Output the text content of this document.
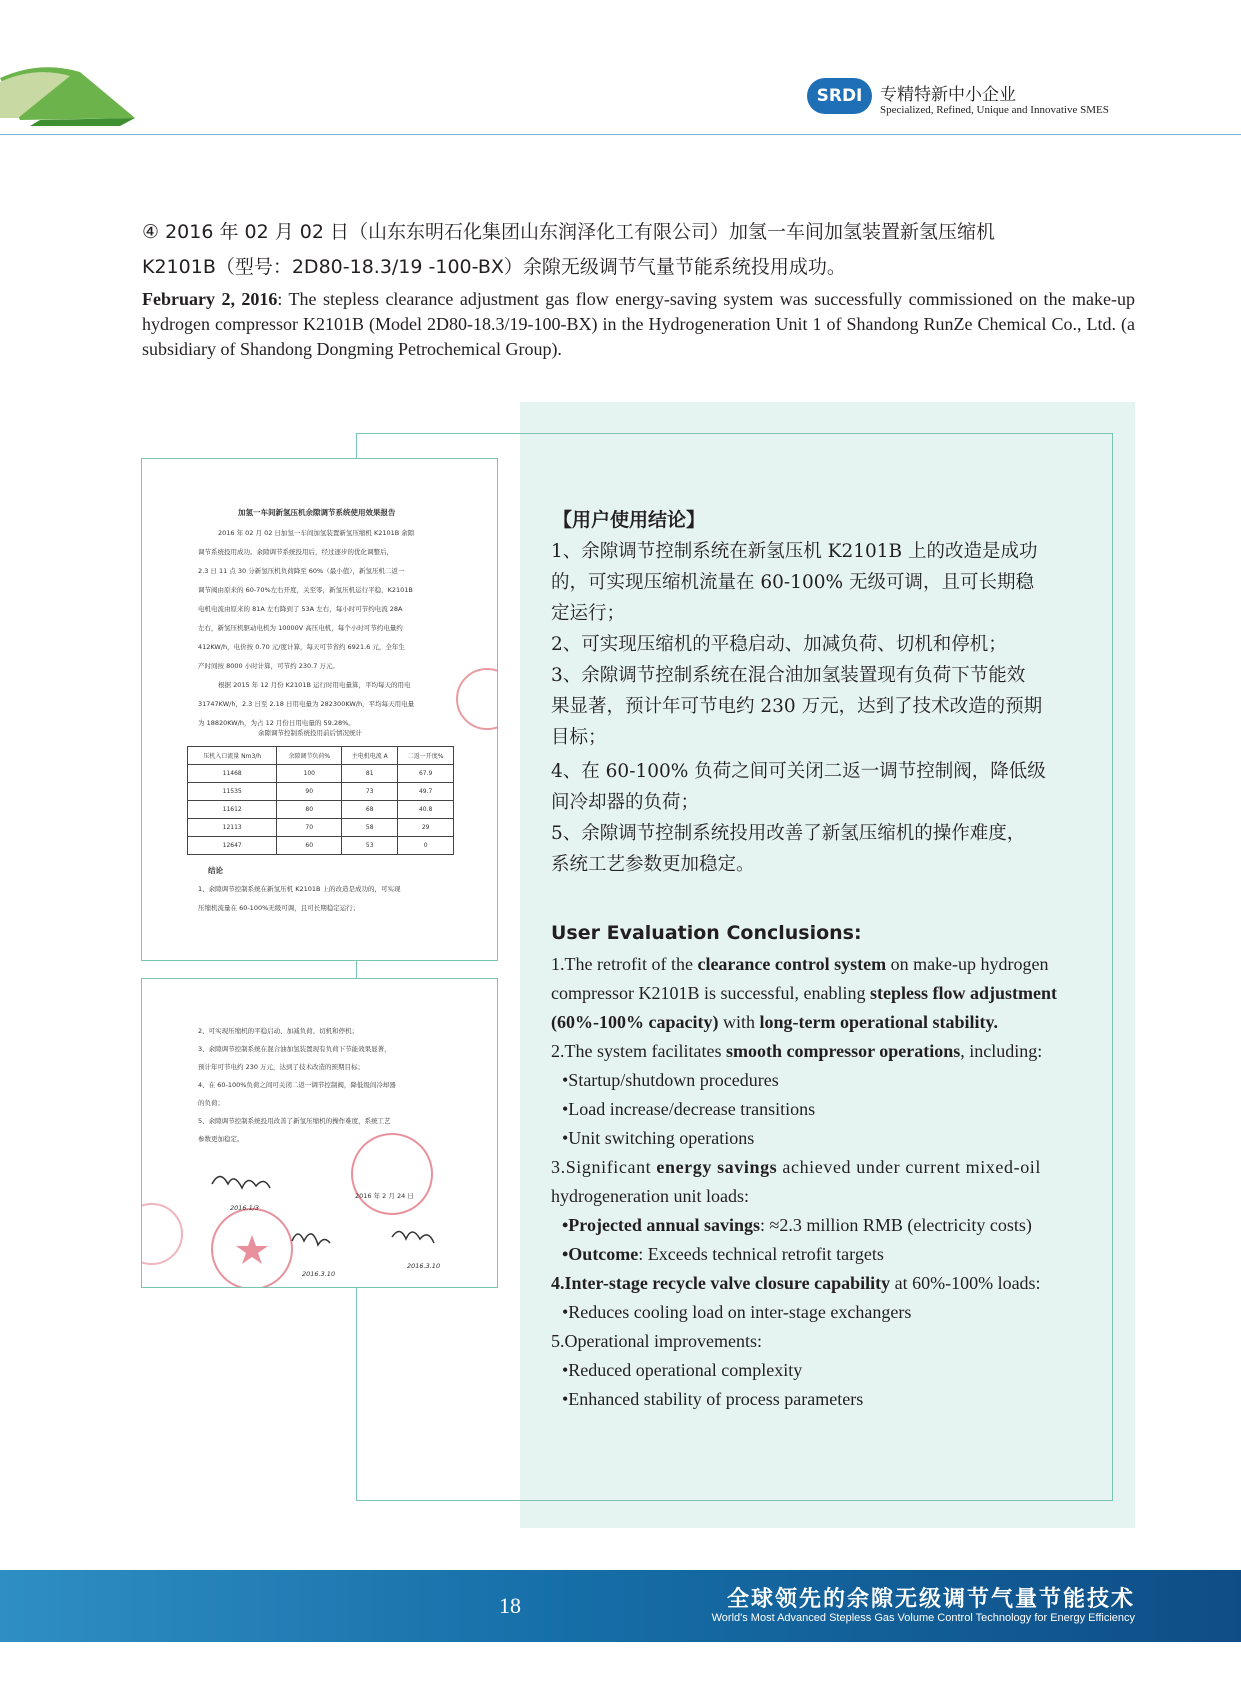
SRDI	专精特新中小企业
Specialized, Refined, Unique and Innovative SMES
④ 2016 年 02 月 02 日（山东东明石化集团山东润泽化工有限公司）加氢一车间加氢装置新氢压缩机
K2101B（型号：2D80-18.3/19 -100-BX）余隙无级调节气量节能系统投用成功。
February 2, 2016: The stepless clearance adjustment gas flow energy-saving system was successfully commissioned on the make-up hydrogen compressor K2101B (Model 2D80-18.3/19-100-BX) in the Hydrogeneration Unit 1 of Shandong RunZe Chemical Co., Ltd. (a subsidiary of Shandong Dongming Petrochemical Group).
加氢一车间新氢压机余隙调节系统使用效果报告
2016 年 02 月 02 日加氢一车间加氢装置新氢压缩机 K2101B 余隙
调节系统投用成功。余隙调节系统投用后，经过逐步的优化调整后，
2.3 日 11 点 30 分新氢压机负荷降至 60%（最小值），新氢压机二返一
调节阀由原来的 60-70%左右开度，关至零，新氢压机运行平稳，K2101B
电机电流由原来的 81A 左右降到了 53A 左右，每小时可节约电流 28A
左右，新氢压机驱动电机为 10000V 高压电机，每个小时可节约电量约
412KW/h，电价按 0.70 元/度计算，每天可节省约 6921.6 元，全年生
产时间按 8000 小时计算，可节约 230.7 万元。
根据 2015 年 12 月份 K2101B 运行时用电量算，平均每天的用电
31747KW/h，2.3 日至 2.18 日用电量为 282300KW/h，平均每天用电量
为 18820KW/h，为占 12 月份日用电量的 59.28%。
余隙调节控制系统投用前后情况统计
压机入口流量 Nm3/h	余隙调节负荷%	主电机电流 A	二返一开度%
11468	100	81	67.9
11535	90	73	49.7
11612	80	68	40.8
12113	70	58	29
12647	60	53	0
结论
1、余隙调节控制系统在新氢压机 K2101B 上的改造是成功的，可实现
压缩机流量在 60-100%无级可调，且可长期稳定运行；
2、可实现压缩机的平稳启动、加减负荷、切机和停机；
3、余隙调节控制系统在混合油加氢装置现有负荷下节能效果显著，
预计年可节电约 230 万元，达到了技术改造的预期目标；
4、在 60-100%负荷之间可关闭二返一调节控制阀，降低级间冷却器
的负荷；
5、余隙调节控制系统投用改善了新氢压缩机的操作难度，系统工艺
参数更加稳定。
2016 年 2 月 24 日
2016.1/3
2016.3.10
2016.3.10
【用户使用结论】
1、余隙调节控制系统在新氢压机 K2101B 上的改造是成功
的，可实现压缩机流量在 60-100% 无级可调，且可长期稳
定运行；
2、可实现压缩机的平稳启动、加减负荷、切机和停机；
3、余隙调节控制系统在混合油加氢装置现有负荷下节能效
果显著，预计年可节电约 230 万元，达到了技术改造的预期
目标；
4、在 60-100% 负荷之间可关闭二返一调节控制阀，降低级
间冷却器的负荷；
5、余隙调节控制系统投用改善了新氢压缩机的操作难度，
系统工艺参数更加稳定。
User Evaluation Conclusions:
1.The retrofit of the clearance control system on make-up hydrogen
compressor K2101B is successful, enabling stepless flow adjustment
(60%-100% capacity) with long-term operational stability.
2.The system facilitates smooth compressor operations, including:
•Startup/shutdown procedures
•Load increase/decrease transitions
•Unit switching operations
3.Significant energy savings achieved under current mixed-oil
hydrogeneration unit loads:
•Projected annual savings: ≈2.3 million RMB (electricity costs)
•Outcome: Exceeds technical retrofit targets
4.Inter-stage recycle valve closure capability at 60%-100% loads:
•Reduces cooling load on inter-stage exchangers
5.Operational improvements:
•Reduced operational complexity
•Enhanced stability of process parameters
18	全球领先的余隙无级调节气量节能技术
World's Most Advanced Stepless Gas Volume Control Technology for Energy Efficiency
